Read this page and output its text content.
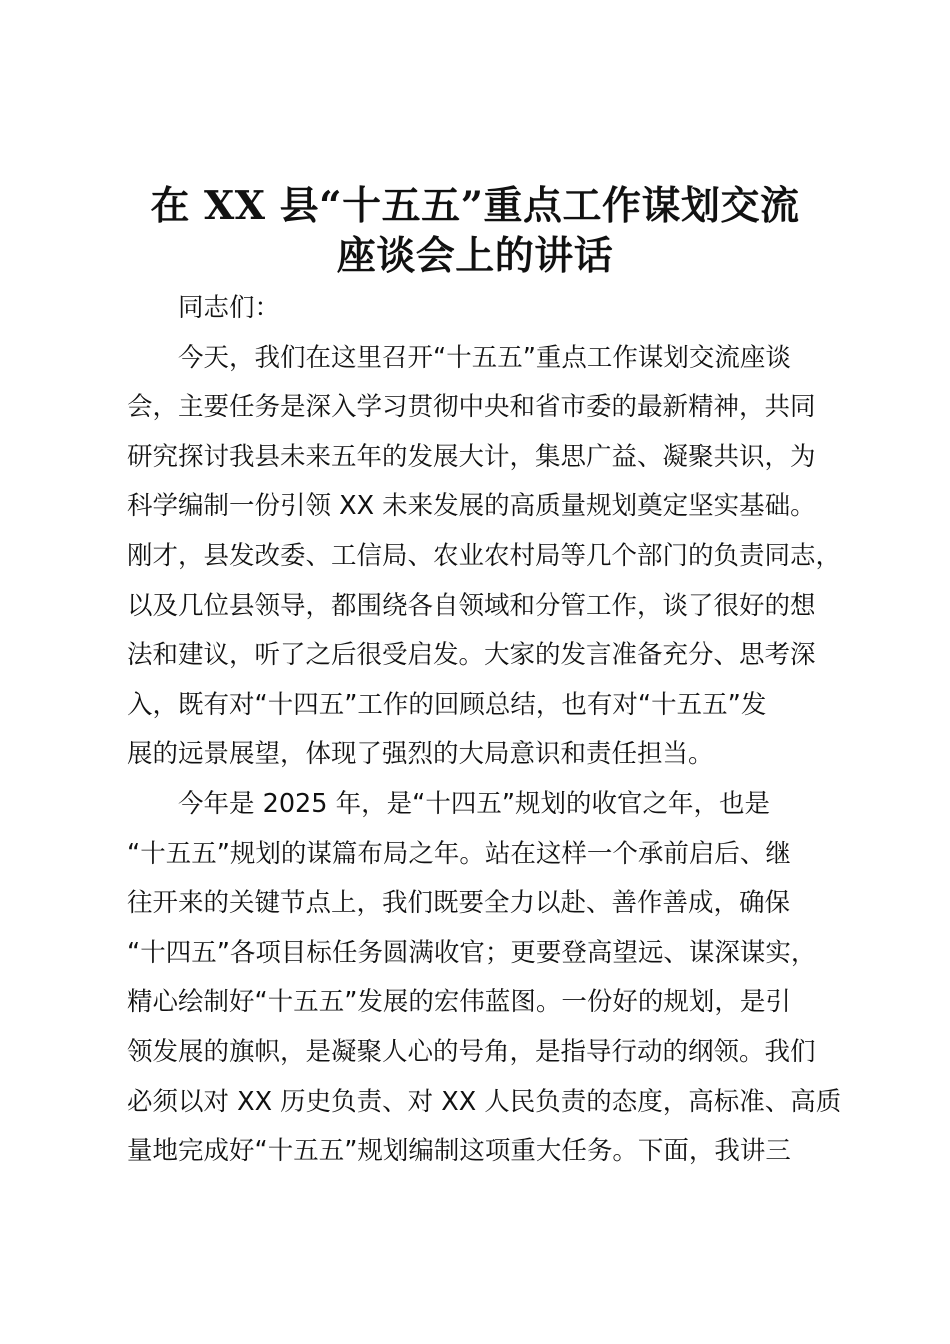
在 XX 县“十五五”重点工作谋划交流
座谈会上的讲话

同志们：

今天，我们在这里召开“十五五”重点工作谋划交流座谈
会，主要任务是深入学习贯彻中央和省市委的最新精神，共同
研究探讨我县未来五年的发展大计，集思广益、凝聚共识，为
科学编制一份引领 XX 未来发展的高质量规划奠定坚实基础。
刚才，县发改委、工信局、农业农村局等几个部门的负责同志，
以及几位县领导，都围绕各自领域和分管工作，谈了很好的想
法和建议，听了之后很受启发。大家的发言准备充分、思考深
入，既有对“十四五”工作的回顾总结，也有对“十五五”发
展的远景展望，体现了强烈的大局意识和责任担当。

今年是 2025 年，是“十四五”规划的收官之年，也是
“十五五”规划的谋篇布局之年。站在这样一个承前启后、继
往开来的关键节点上，我们既要全力以赴、善作善成，确保
“十四五”各项目标任务圆满收官；更要登高望远、谋深谋实，
精心绘制好“十五五”发展的宏伟蓝图。一份好的规划，是引
领发展的旗帜，是凝聚人心的号角，是指导行动的纲领。我们
必须以对 XX 历史负责、对 XX 人民负责的态度，高标准、高质
量地完成好“十五五”规划编制这项重大任务。下面，我讲三
